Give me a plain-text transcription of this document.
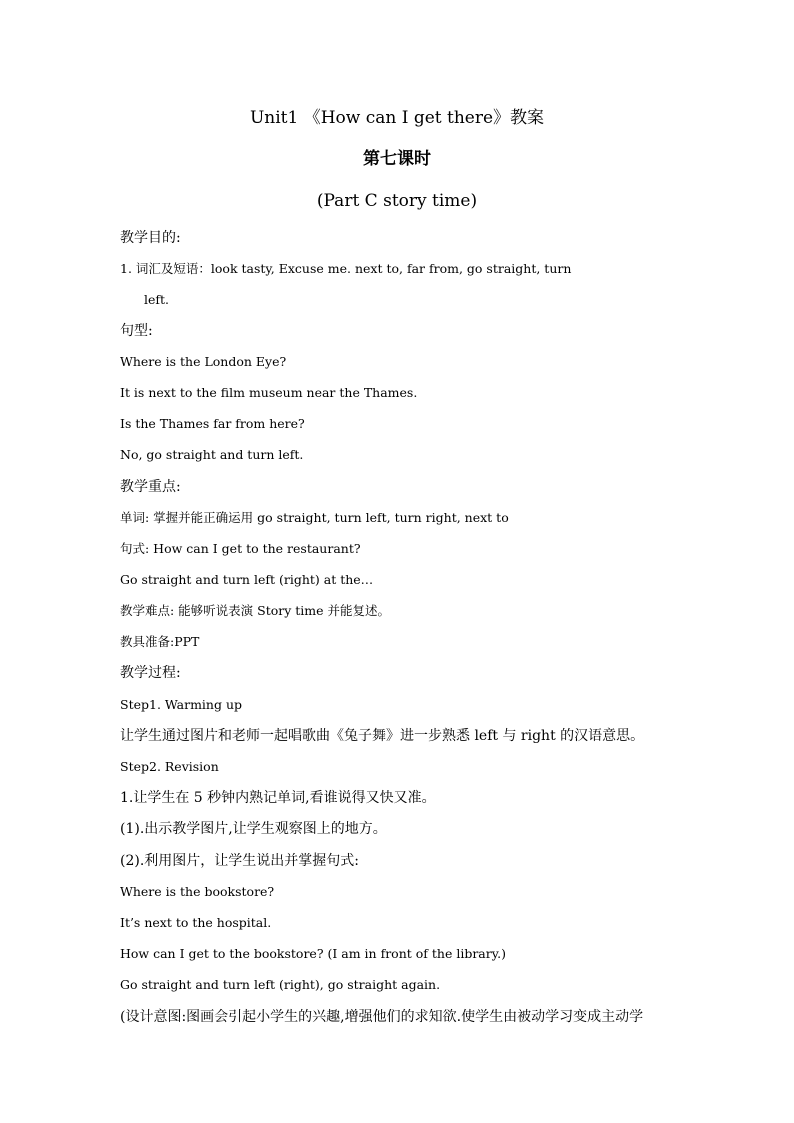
Unit1 《How can I get there》教案
第七课时
(Part C story time)
教学目的:
1. 词汇及短语：look tasty, Excuse me. next to, far from, go straight, turn
left.
句型:
Where is the London Eye?
It is next to the film museum near the Thames.
Is the Thames far from here?
No, go straight and turn left.
教学重点:
单词: 掌握并能正确运用 go straight, turn left, turn right, next to
句式: How can I get to the restaurant?
Go straight and turn left (right) at the…
教学难点: 能够听说表演 Story time 并能复述。
教具准备:PPT
教学过程:
Step1. Warming up
让学生通过图片和老师一起唱歌曲《兔子舞》进一步熟悉 left 与 right 的汉语意思。
Step2. Revision
1.让学生在 5 秒钟内熟记单词,看谁说得又快又准。
(1).出示教学图片,让学生观察图上的地方。
(2).利用图片，让学生说出并掌握句式:
Where is the bookstore?
It’s next to the hospital.
How can I get to the bookstore? (I am in front of the library.)
Go straight and turn left (right), go straight again.
(设计意图:图画会引起小学生的兴趣,增强他们的求知欲.使学生由被动学习变成主动学
